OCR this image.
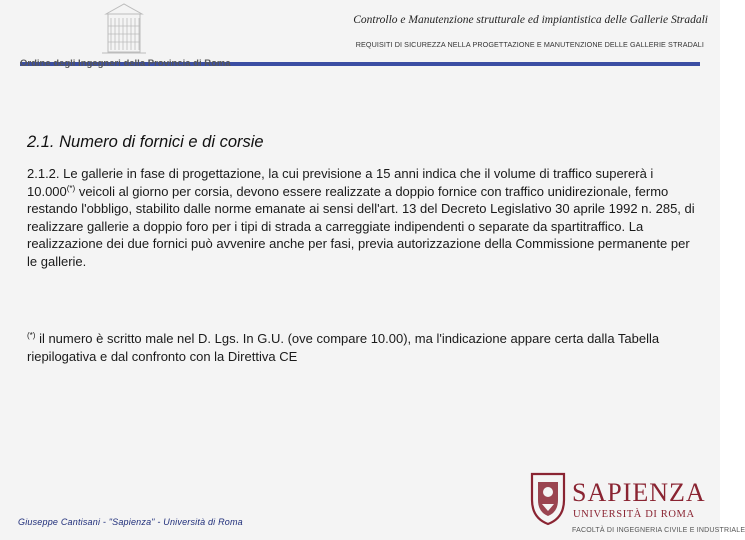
Controllo e Manutenzione strutturale ed impiantistica delle Gallerie Stradali
REQUISITI DI SICUREZZA NELLA PROGETTAZIONE E MANUTENZIONE DELLE GALLERIE STRADALI
Ordine degli Ingegneri della Provincia di Roma
2.1. Numero di fornici e di corsie

2.1.2. Le gallerie in fase di progettazione, la cui previsione a 15 anni indica che il volume di traffico supererà i 10.000(*) veicoli al giorno per corsia, devono essere realizzate a doppio fornice con traffico unidirezionale, fermo restando l'obbligo, stabilito dalle norme emanate ai sensi dell'art. 13 del Decreto Legislativo 30 aprile 1992 n. 285, di realizzare gallerie a doppio foro per i tipi di strada a carreggiate indipendenti o separate da spartitraffico. La realizzazione dei due fornici può avvenire anche per fasi, previa autorizzazione della Commissione permanente per le gallerie.

(*) il numero è scritto male nel D. Lgs. In G.U. (ove compare 10.00), ma l'indicazione appare certa dalla Tabella riepilogativa e dal confronto con la Direttiva CE

Giuseppe Cantisani - "Sapienza" - Università di Roma
SAPIENZA
UNIVERSITÀ DI ROMA
FACOLTÀ DI INGEGNERIA CIVILE E INDUSTRIALE
